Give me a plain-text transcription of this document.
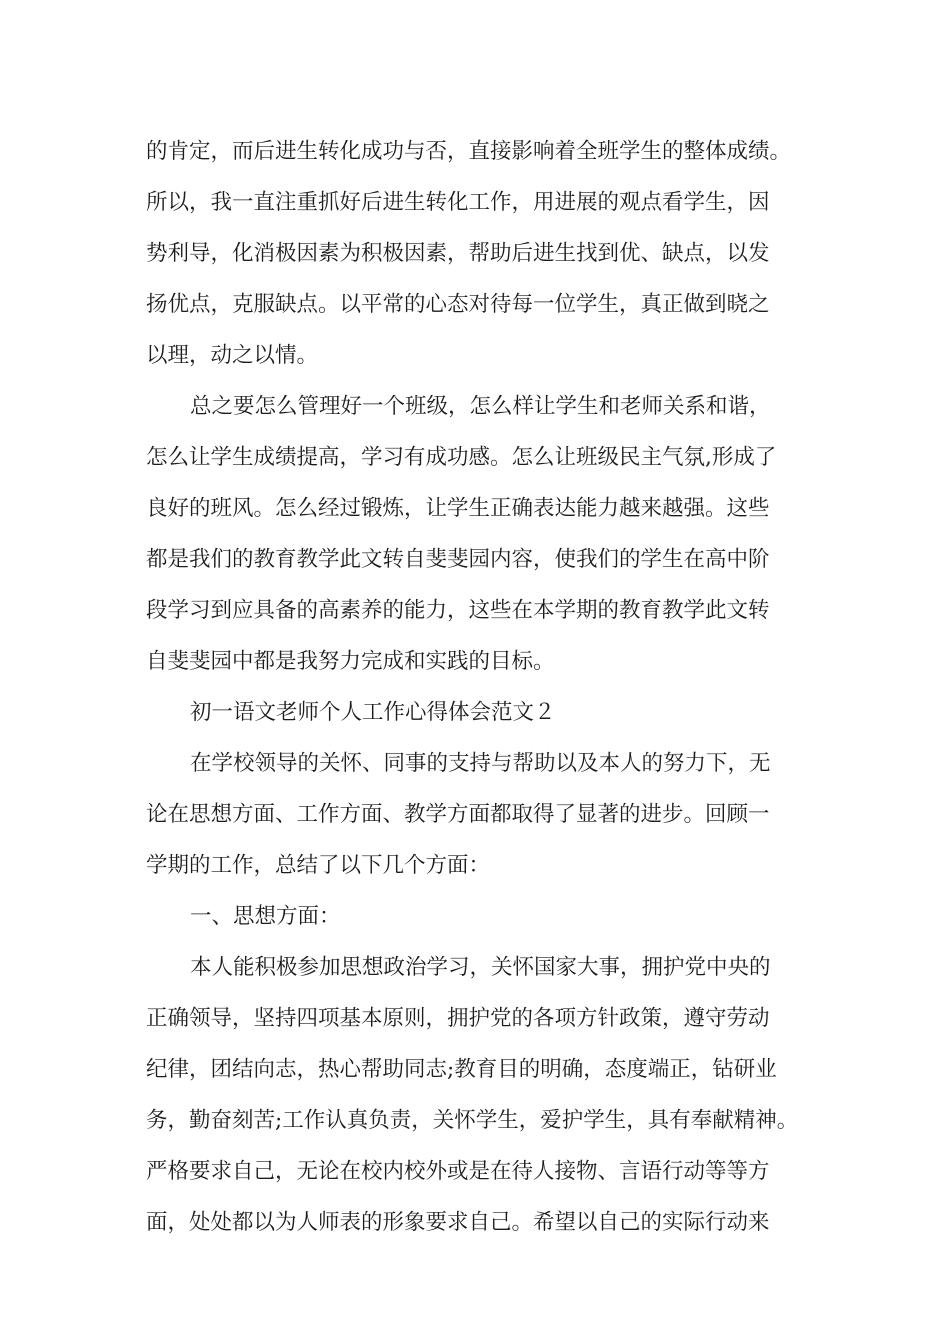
的肯定，而后进生转化成功与否，直接影响着全班学生的整体成绩。
所以，我一直注重抓好后进生转化工作，用进展的观点看学生，因
势利导，化消极因素为积极因素，帮助后进生找到优、缺点，以发
扬优点，克服缺点。以平常的心态对待每一位学生，真正做到晓之
以理，动之以情。
总之要怎么管理好一个班级，怎么样让学生和老师关系和谐，
怎么让学生成绩提高，学习有成功感。怎么让班级民主气氛,形成了
良好的班风。怎么经过锻炼，让学生正确表达能力越来越强。这些
都是我们的教育教学此文转自斐斐园内容，使我们的学生在高中阶
段学习到应具备的高素养的能力，这些在本学期的教育教学此文转
自斐斐园中都是我努力完成和实践的目标。
初一语文老师个人工作心得体会范文２
在学校领导的关怀、同事的支持与帮助以及本人的努力下，无
论在思想方面、工作方面、教学方面都取得了显著的进步。回顾一
学期的工作，总结了以下几个方面：
一、思想方面：
本人能积极参加思想政治学习，关怀国家大事，拥护党中央的
正确领导，坚持四项基本原则，拥护党的各项方针政策，遵守劳动
纪律，团结向志，热心帮助同志;教育目的明确，态度端正，钻研业
务，勤奋刻苦;工作认真负责，关怀学生，爱护学生，具有奉献精神。
严格要求自己，无论在校内校外或是在待人接物、言语行动等等方
面，处处都以为人师表的形象要求自己。希望以自己的实际行动来
